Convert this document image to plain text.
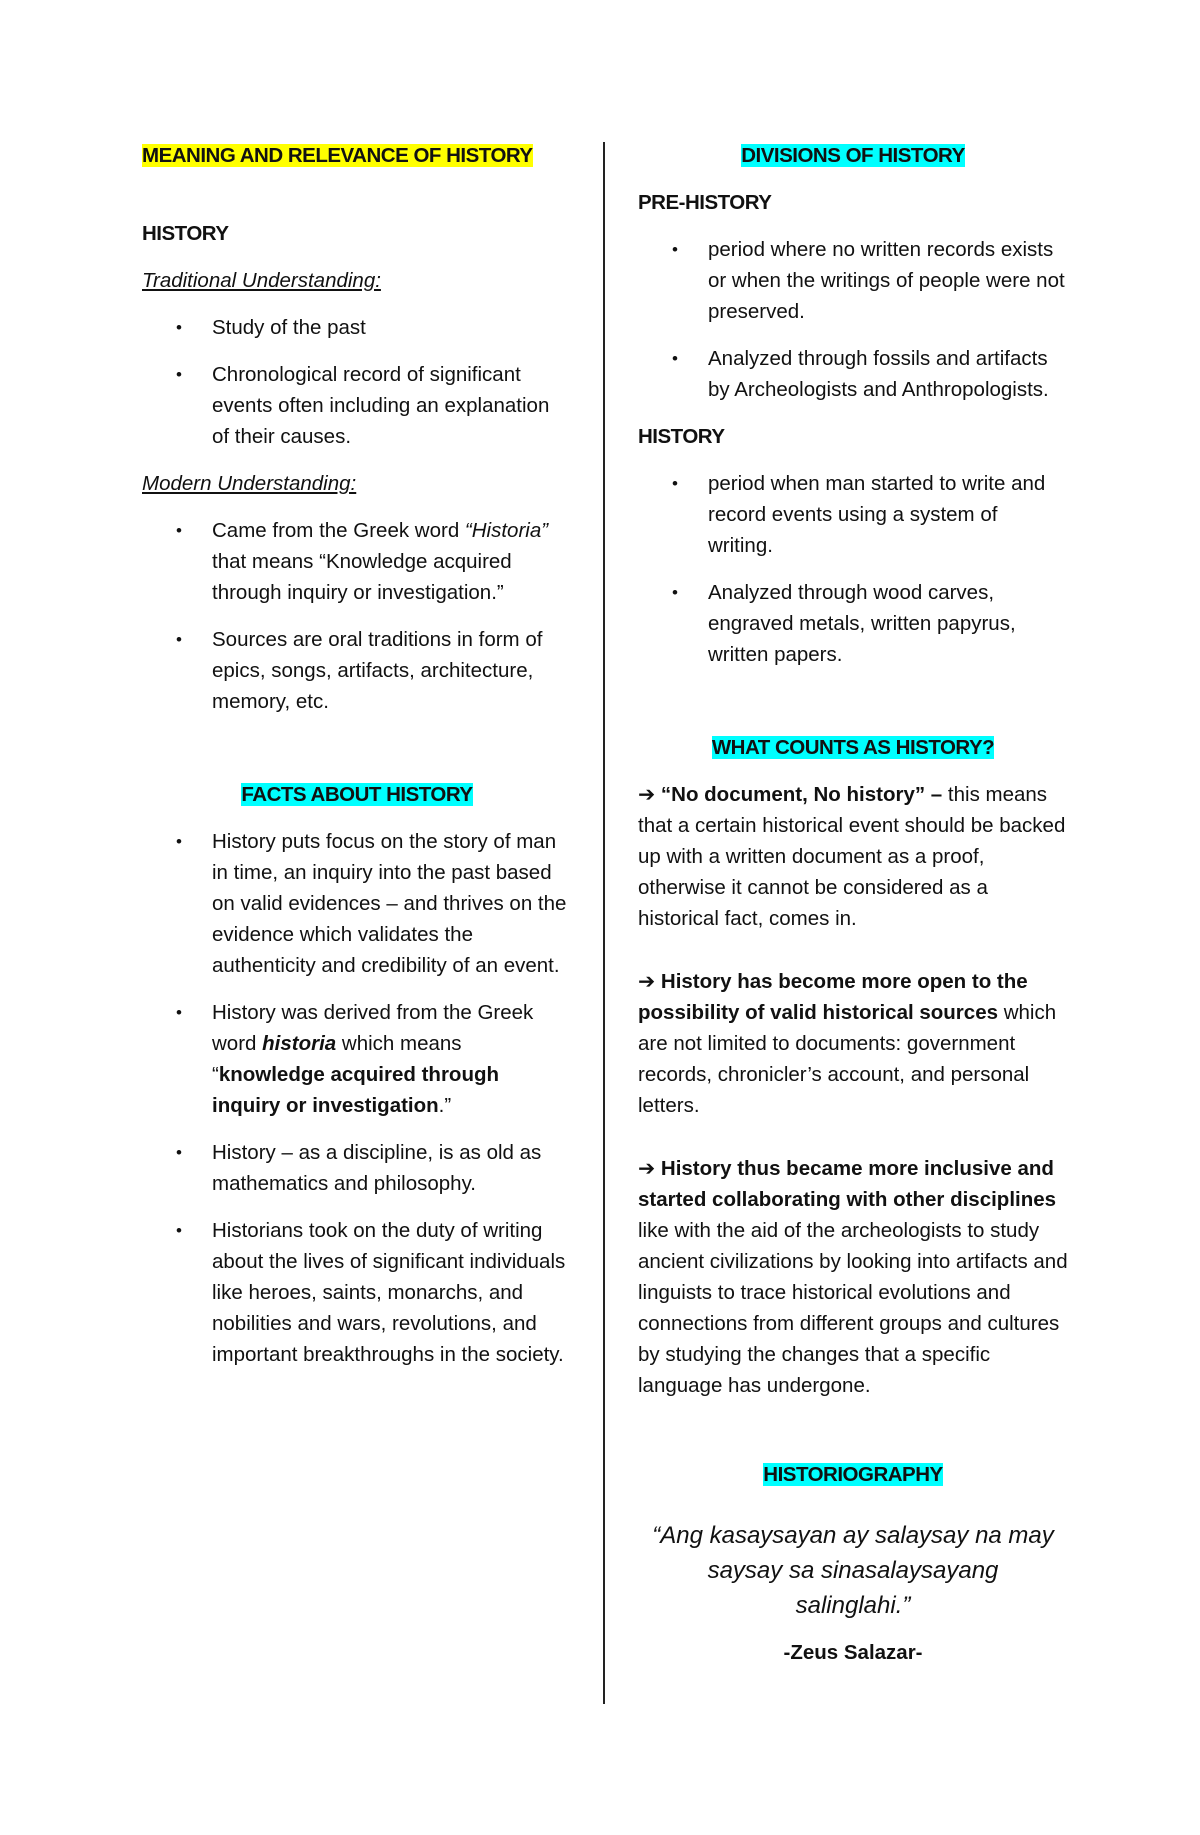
MEANING AND RELEVANCE OF HISTORY

HISTORY

Traditional Understanding:

• Study of the past
• Chronological record of significant events often including an explanation of their causes.

Modern Understanding:

• Came from the Greek word “Historia” that means “Knowledge acquired through inquiry or investigation.”
• Sources are oral traditions in form of epics, songs, artifacts, architecture, memory, etc.

FACTS ABOUT HISTORY

• History puts focus on the story of man in time, an inquiry into the past based on valid evidences – and thrives on the evidence which validates the authenticity and credibility of an event.
• History was derived from the Greek word historia which means “knowledge acquired through inquiry or investigation.”
• History – as a discipline, is as old as mathematics and philosophy.
• Historians took on the duty of writing about the lives of significant individuals like heroes, saints, monarchs, and nobilities and wars, revolutions, and important breakthroughs in the society.

DIVISIONS OF HISTORY

PRE-HISTORY

• period where no written records exists or when the writings of people were not preserved.
• Analyzed through fossils and artifacts by Archeologists and Anthropologists.

HISTORY

• period when man started to write and record events using a system of writing.
• Analyzed through wood carves, engraved metals, written papyrus, written papers.

WHAT COUNTS AS HISTORY?

➔ “No document, No history” – this means that a certain historical event should be backed up with a written document as a proof, otherwise it cannot be considered as a historical fact, comes in.

➔ History has become more open to the possibility of valid historical sources which are not limited to documents: government records, chronicler’s account, and personal letters.

➔ History thus became more inclusive and started collaborating with other disciplines like with the aid of the archeologists to study ancient civilizations by looking into artifacts and linguists to trace historical evolutions and connections from different groups and cultures by studying the changes that a specific language has undergone.

HISTORIOGRAPHY

“Ang kasaysayan ay salaysay na may saysay sa sinasalaysayang salinglahi.”

-Zeus Salazar-
